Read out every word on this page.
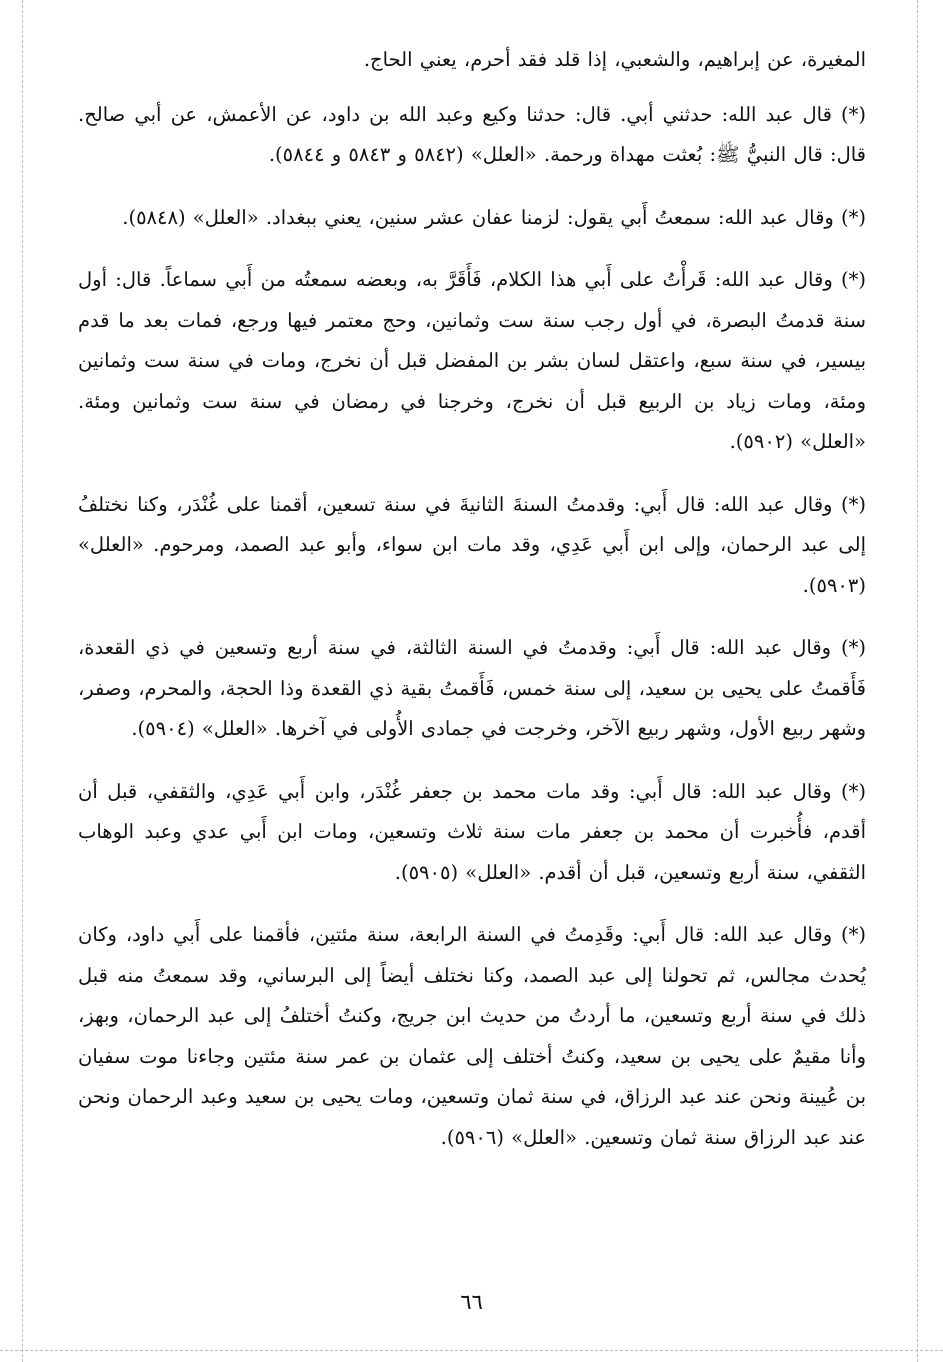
المغيرة، عن إبراهيم، والشعبي، إذا قلد فقد أحرم، يعني الحاج.

(*) قال عبد الله: حدثني أبي. قال: حدثنا وكيع وعبد الله بن داود، عن الأعمش، عن أبي صالح. قال: قال النبيُّ ﷺ: بُعثت مهداة ورحمة. «العلل» (٥٨٤٢ و ٥٨٤٣ و ٥٨٤٤).

(*) وقال عبد الله: سمعتُ أَبي يقول: لزمنا عفان عشر سنين، يعني ببغداد. «العلل» (٥٨٤٨).

(*) وقال عبد الله: قَرأْتُ على أَبي هذا الكلام، فَأَقَرَّ به، وبعضه سمعتُه من أَبي سماعاً. قال: أول سنة قدمتُ البصرة، في أول رجب سنة ست وثمانين، وحج معتمر فيها ورجع، فمات بعد ما قدم بيسير، في سنة سبع، واعتقل لسان بشر بن المفضل قبل أن نخرج، ومات في سنة ست وثمانين ومئة، ومات زياد بن الربيع قبل أن نخرج، وخرجنا في رمضان في سنة ست وثمانين ومئة. «العلل» (٥٩٠٢).

(*) وقال عبد الله: قال أَبي: وقدمتُ السنةَ الثانيةَ في سنة تسعين، أقمنا على غُنْدَر، وكنا نختلفُ إلى عبد الرحمان، وإلى ابن أَبي عَدِي، وقد مات ابن سواء، وأبو عبد الصمد، ومرحوم. «العلل» (٥٩٠٣).

(*) وقال عبد الله: قال أَبي: وقدمتُ في السنة الثالثة، في سنة أربع وتسعين في ذي القعدة، فَأَقمتُ على يحيى بن سعيد، إلى سنة خمس، فَأَقمتُ بقية ذي القعدة وذا الحجة، والمحرم، وصفر، وشهر ربيع الأول، وشهر ربيع الآخر، وخرجت في جمادى الأُولى في آخرها. «العلل» (٥٩٠٤).

(*) وقال عبد الله: قال أَبي: وقد مات محمد بن جعفر غُنْدَر، وابن أَبي عَدِي، والثقفي، قبل أن أقدم، فأُخبرت أن محمد بن جعفر مات سنة ثلاث وتسعين، ومات ابن أَبي عدي وعبد الوهاب الثقفي، سنة أربع وتسعين، قبل أن أقدم. «العلل» (٥٩٠٥).

(*) وقال عبد الله: قال أَبي: وقَدِمتُ في السنة الرابعة، سنة مئتين، فأقمنا على أَبي داود، وكان يُحدث مجالس، ثم تحولنا إلى عبد الصمد، وكنا نختلف أيضاً إلى البرساني، وقد سمعتُ منه قبل ذلك في سنة أربع وتسعين، ما أردتُ من حديث ابن جريج، وكنتُ أختلفُ إلى عبد الرحمان، وبهز، وأنا مقيمٌ على يحيى بن سعيد، وكنتُ أختلف إلى عثمان بن عمر سنة مئتين وجاءنا موت سفيان بن عُيينة ونحن عند عبد الرزاق، في سنة ثمان وتسعين، ومات يحيى بن سعيد وعبد الرحمان ونحن عند عبد الرزاق سنة ثمان وتسعين. «العلل» (٥٩٠٦).

٦٦
